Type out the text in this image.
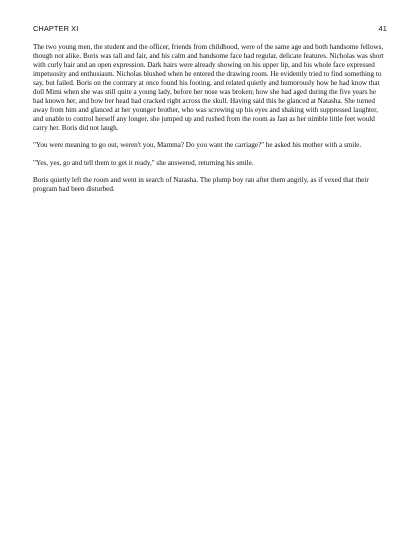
CHAPTER XI	41

The two young men, the student and the officer, friends from childhood, were of the same age and both handsome fellows, though not alike. Boris was tall and fair, and his calm and handsome face had regular, delicate features. Nicholas was short with curly hair and an open expression. Dark hairs were already showing on his upper lip, and his whole face expressed impetuosity and enthusiasm. Nicholas blushed when he entered the drawing room. He evidently tried to find something to say, but failed. Boris on the contrary at once found his footing, and related quietly and humorously how he had know that doll Mimi when she was still quite a young lady, before her nose was broken; how she had aged during the five years he had known her, and how her head had cracked right across the skull. Having said this he glanced at Natasha. She turned away from him and glanced at her younger brother, who was screwing up his eyes and shaking with suppressed laughter, and unable to control herself any longer, she jumped up and rushed from the room as fast as her nimble little feet would carry her. Boris did not laugh.

"You were meaning to go out, weren't you, Mamma? Do you want the carriage?" he asked his mother with a smile.

"Yes, yes, go and tell them to get it ready," she answered, returning his smile.

Boris quietly left the room and went in search of Natasha. The plump boy ran after them angrily, as if vexed that their program had been disturbed.
